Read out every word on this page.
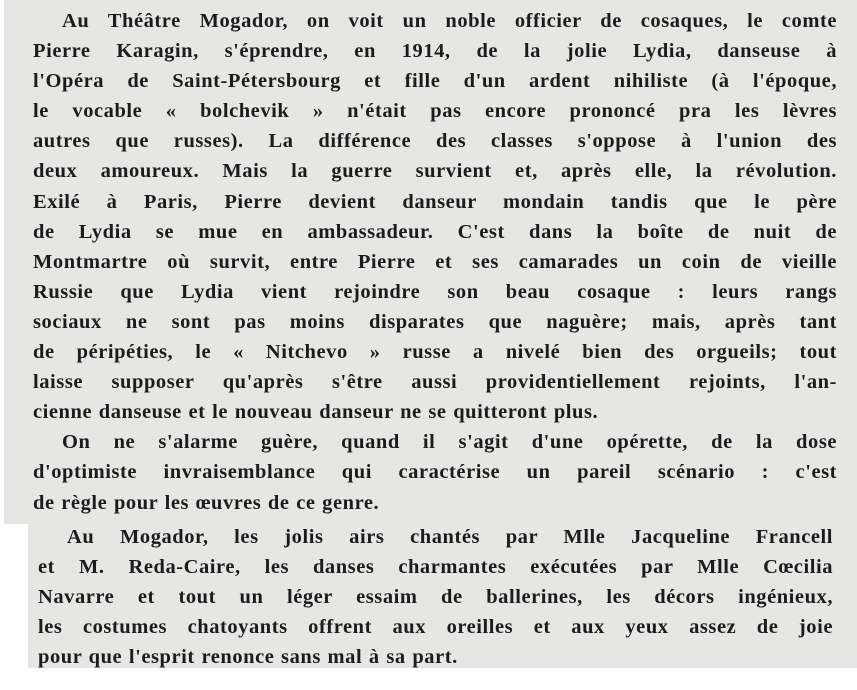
Au Théâtre Mogador, on voit un noble officier de cosaques, le comte
Pierre Karagin, s'éprendre, en 1914, de la jolie Lydia, danseuse à
l'Opéra de Saint-Pétersbourg et fille d'un ardent nihiliste (à l'époque,
le vocable « bolchevik » n'était pas encore prononcé pra les lèvres
autres que russes). La différence des classes s'oppose à l'union des
deux amoureux. Mais la guerre survient et, après elle, la révolution.
Exilé à Paris, Pierre devient danseur mondain tandis que le père
de Lydia se mue en ambassadeur. C'est dans la boîte de nuit de
Montmartre où survit, entre Pierre et ses camarades un coin de vieille
Russie que Lydia vient rejoindre son beau cosaque : leurs rangs
sociaux ne sont pas moins disparates que naguère; mais, après tant
de péripéties, le « Nitchevo » russe a nivelé bien des orgueils; tout
laisse supposer qu'après s'être aussi providentiellement rejoints, l'an-
cienne danseuse et le nouveau danseur ne se quitteront plus.

On ne s'alarme guère, quand il s'agit d'une opérette, de la dose
d'optimiste invraisemblance qui caractérise un pareil scénario : c'est
de règle pour les œuvres de ce genre.

Au Mogador, les jolis airs chantés par Mlle Jacqueline Francell
et M. Reda-Caire, les danses charmantes exécutées par Mlle Cœcilia
Navarre et tout un léger essaim de ballerines, les décors ingénieux,
les costumes chatoyants offrent aux oreilles et aux yeux assez de joie
pour que l'esprit renonce sans mal à sa part.
